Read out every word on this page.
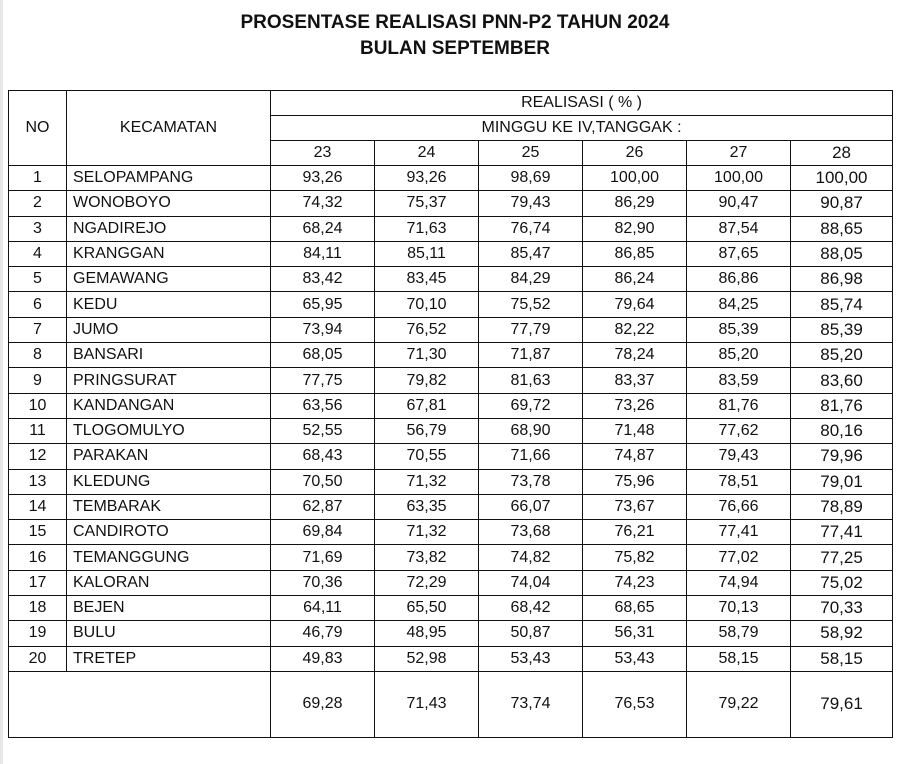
PROSENTASE REALISASI PNN-P2 TAHUN 2024
BULAN SEPTEMBER
NO	KECAMATAN	REALISASI ( % )					
		MINGGU KE IV,TANGGAK :					
		23	24	25	26	27	28
1	SELOPAMPANG	93,26	93,26	98,69	100,00	100,00	100,00
2	WONOBOYO	74,32	75,37	79,43	86,29	90,47	90,87
3	NGADIREJO	68,24	71,63	76,74	82,90	87,54	88,65
4	KRANGGAN	84,11	85,11	85,47	86,85	87,65	88,05
5	GEMAWANG	83,42	83,45	84,29	86,24	86,86	86,98
6	KEDU	65,95	70,10	75,52	79,64	84,25	85,74
7	JUMO	73,94	76,52	77,79	82,22	85,39	85,39
8	BANSARI	68,05	71,30	71,87	78,24	85,20	85,20
9	PRINGSURAT	77,75	79,82	81,63	83,37	83,59	83,60
10	KANDANGAN	63,56	67,81	69,72	73,26	81,76	81,76
11	TLOGOMULYO	52,55	56,79	68,90	71,48	77,62	80,16
12	PARAKAN	68,43	70,55	71,66	74,87	79,43	79,96
13	KLEDUNG	70,50	71,32	73,78	75,96	78,51	79,01
14	TEMBARAK	62,87	63,35	66,07	73,67	76,66	78,89
15	CANDIROTO	69,84	71,32	73,68	76,21	77,41	77,41
16	TEMANGGUNG	71,69	73,82	74,82	75,82	77,02	77,25
17	KALORAN	70,36	72,29	74,04	74,23	74,94	75,02
18	BEJEN	64,11	65,50	68,42	68,65	70,13	70,33
19	BULU	46,79	48,95	50,87	56,31	58,79	58,92
20	TRETEP	49,83	52,98	53,43	53,43	58,15	58,15
		69,28	71,43	73,74	76,53	79,22	79,61
